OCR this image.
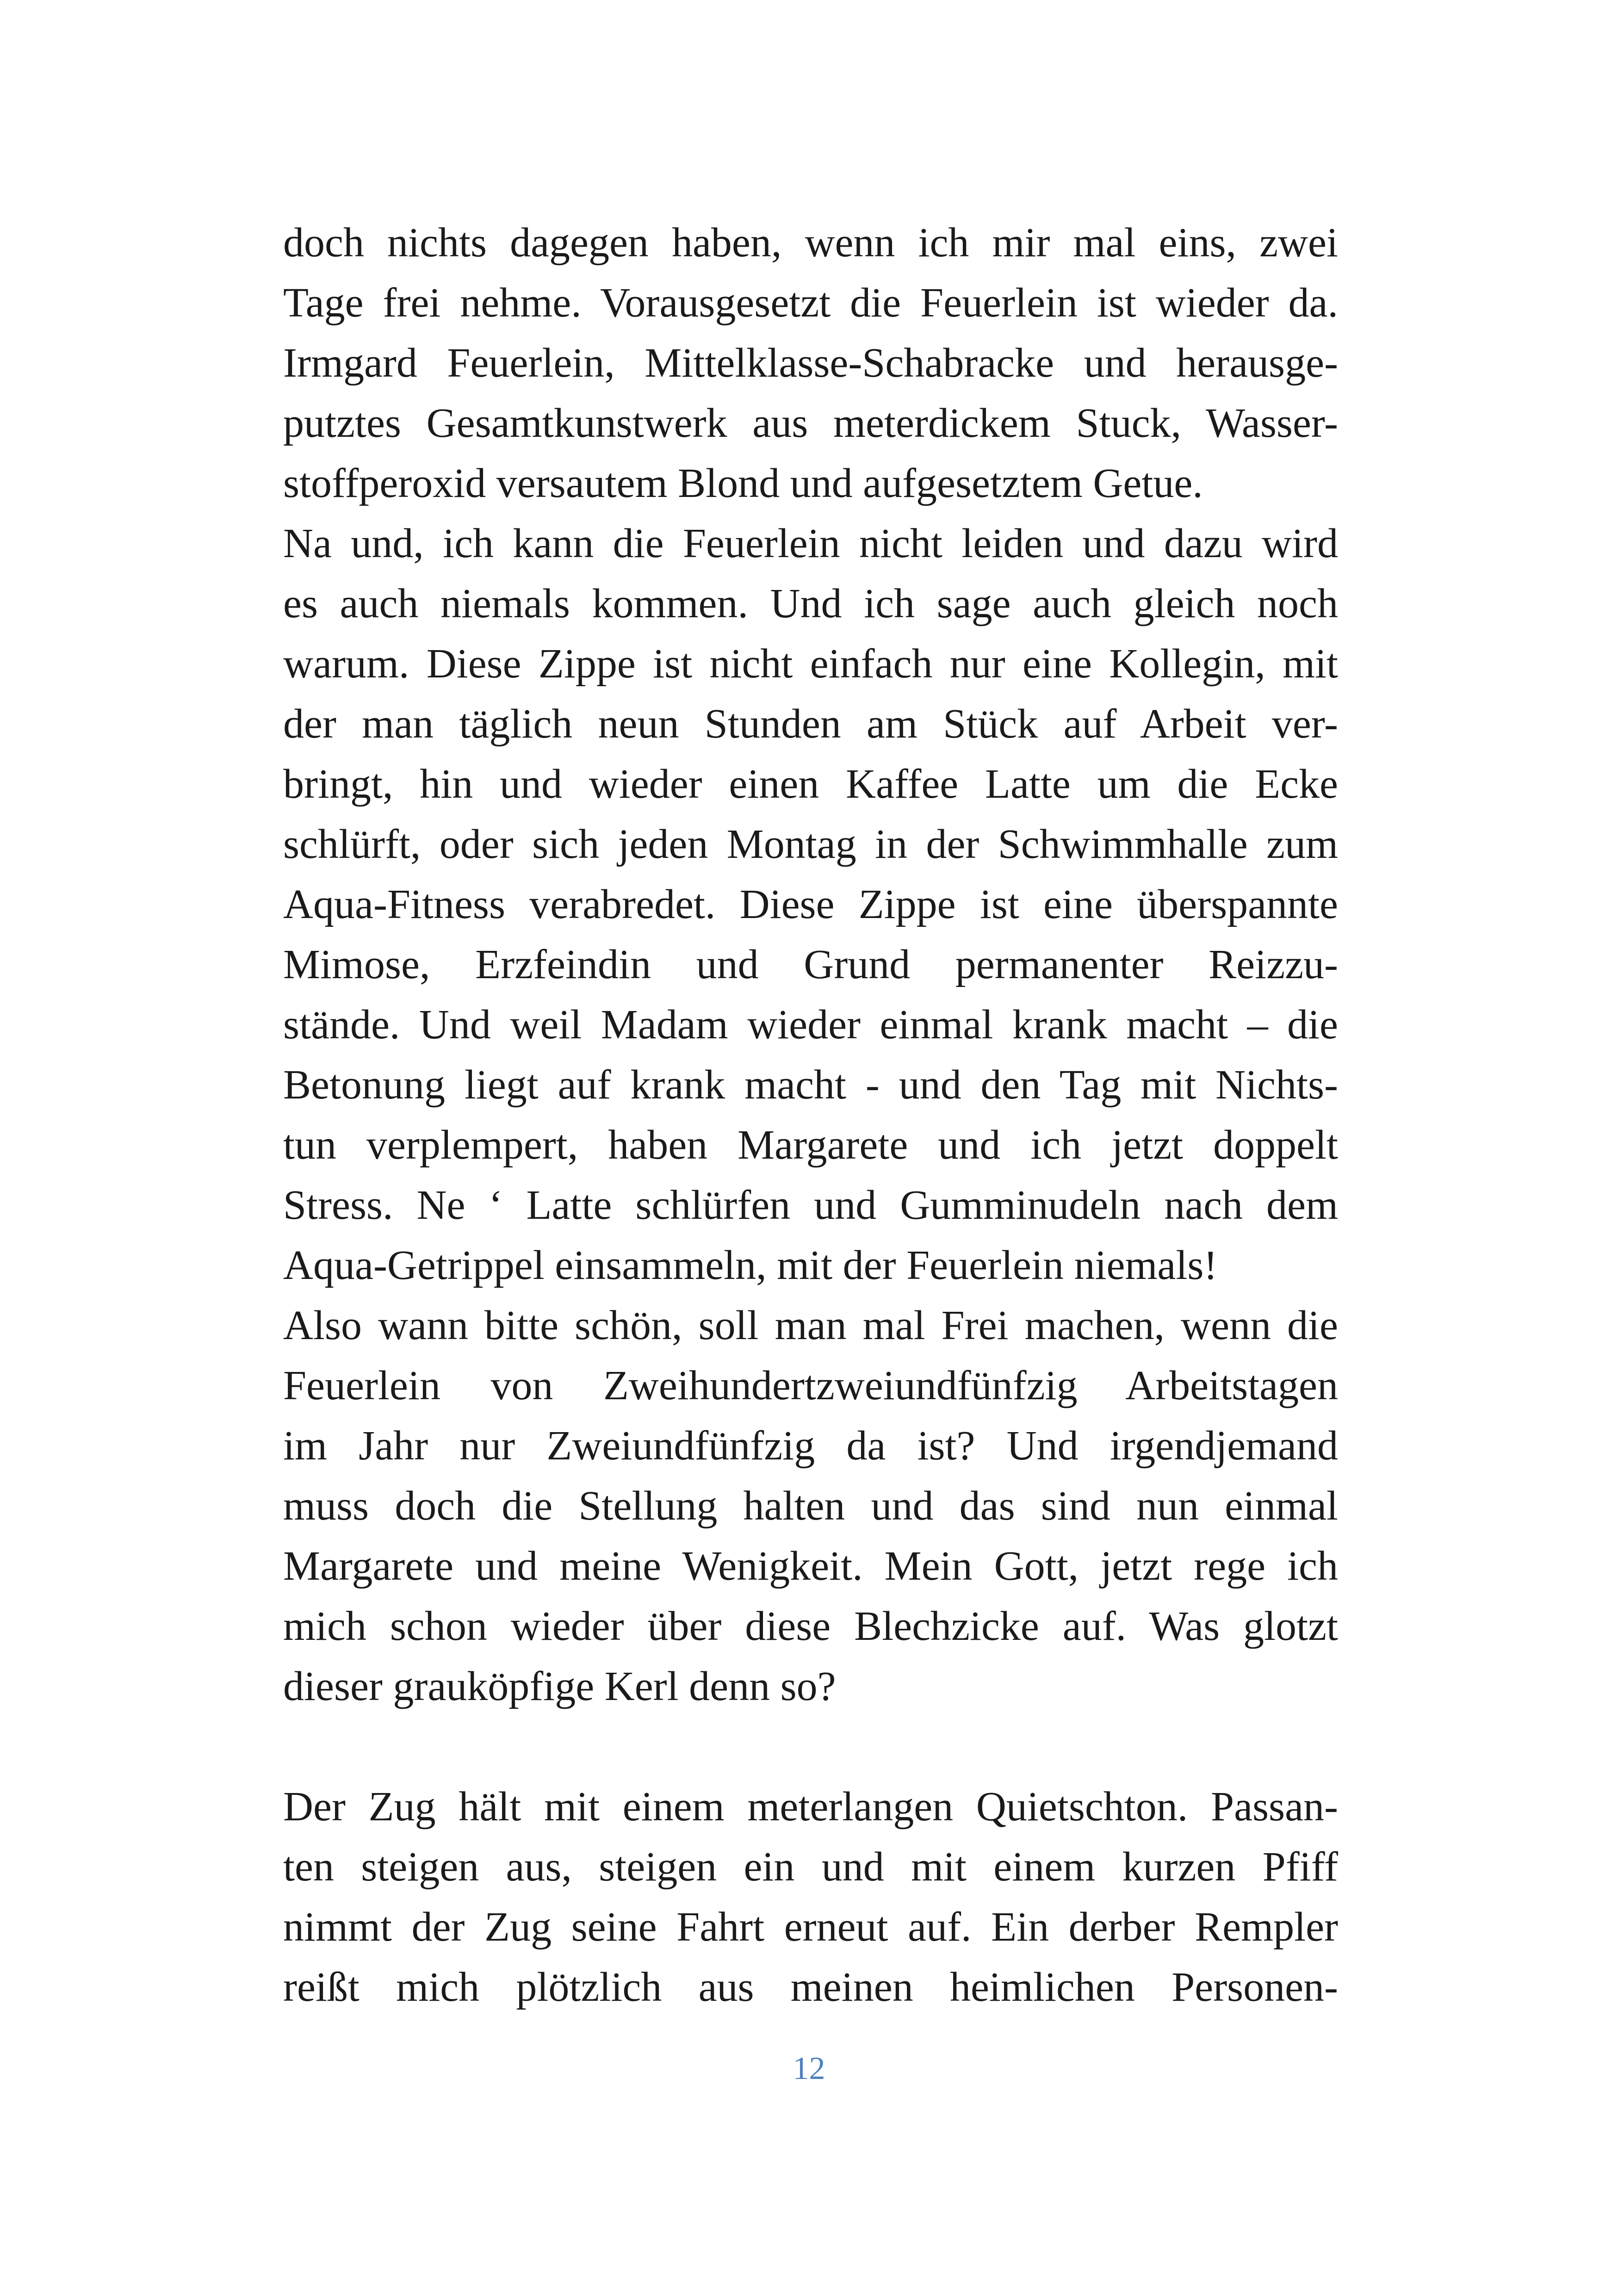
doch nichts dagegen haben, wenn ich mir mal eins, zwei
Tage frei nehme. Vorausgesetzt die Feuerlein ist wieder da.
Irmgard Feuerlein, Mittelklasse-Schabracke und herausge-
putztes Gesamtkunstwerk aus meterdickem Stuck, Wasser-
stoffperoxid versautem Blond und aufgesetztem Getue.
Na und, ich kann die Feuerlein nicht leiden und dazu wird
es auch niemals kommen. Und ich sage auch gleich noch
warum. Diese Zippe ist nicht einfach nur eine Kollegin, mit
der man täglich neun Stunden am Stück auf Arbeit ver-
bringt, hin und wieder einen Kaffee Latte um die Ecke
schlürft, oder sich jeden Montag in der Schwimmhalle zum
Aqua-Fitness verabredet. Diese Zippe ist eine überspannte
Mimose, Erzfeindin und Grund permanenter Reizzu-
stände. Und weil Madam wieder einmal krank macht – die
Betonung liegt auf krank macht - und den Tag mit Nichts-
tun verplempert, haben Margarete und ich jetzt doppelt
Stress. Ne ‘ Latte schlürfen und Gumminudeln nach dem
Aqua-Getrippel einsammeln, mit der Feuerlein niemals!
Also wann bitte schön, soll man mal Frei machen, wenn die
Feuerlein von Zweihundertzweiundfünfzig Arbeitstagen
im Jahr nur Zweiundfünfzig da ist? Und irgendjemand
muss doch die Stellung halten und das sind nun einmal
Margarete und meine Wenigkeit. Mein Gott, jetzt rege ich
mich schon wieder über diese Blechzicke auf. Was glotzt
dieser grauköpfige Kerl denn so?
Der Zug hält mit einem meterlangen Quietschton. Passan-
ten steigen aus, steigen ein und mit einem kurzen Pfiff
nimmt der Zug seine Fahrt erneut auf. Ein derber Rempler
reißt mich plötzlich aus meinen heimlichen Personen-
12
